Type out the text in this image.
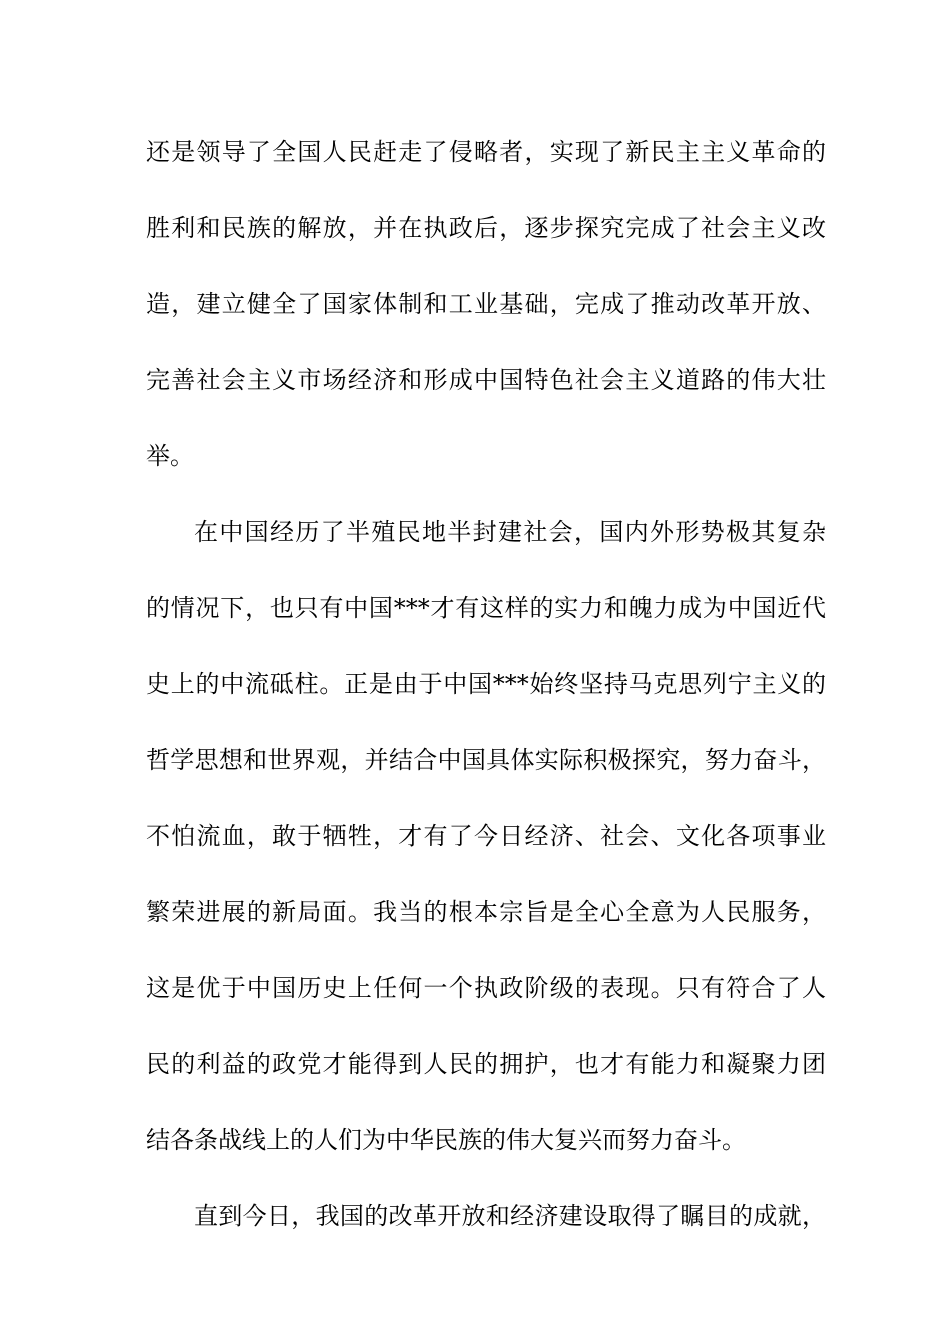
还是领导了全国人民赶走了侵略者，实现了新民主主义革命的
胜利和民族的解放，并在执政后，逐步探究完成了社会主义改
造，建立健全了国家体制和工业基础，完成了推动改革开放、
完善社会主义市场经济和形成中国特色社会主义道路的伟大壮
举。
在中国经历了半殖民地半封建社会，国内外形势极其复杂
的情况下，也只有中国***才有这样的实力和魄力成为中国近代
史上的中流砥柱。正是由于中国***始终坚持马克思列宁主义的
哲学思想和世界观，并结合中国具体实际积极探究，努力奋斗，
不怕流血，敢于牺牲，才有了今日经济、社会、文化各项事业
繁荣进展的新局面。我当的根本宗旨是全心全意为人民服务，
这是优于中国历史上任何一个执政阶级的表现。只有符合了人
民的利益的政党才能得到人民的拥护，也才有能力和凝聚力团
结各条战线上的人们为中华民族的伟大复兴而努力奋斗。
直到今日，我国的改革开放和经济建设取得了瞩目的成就，
